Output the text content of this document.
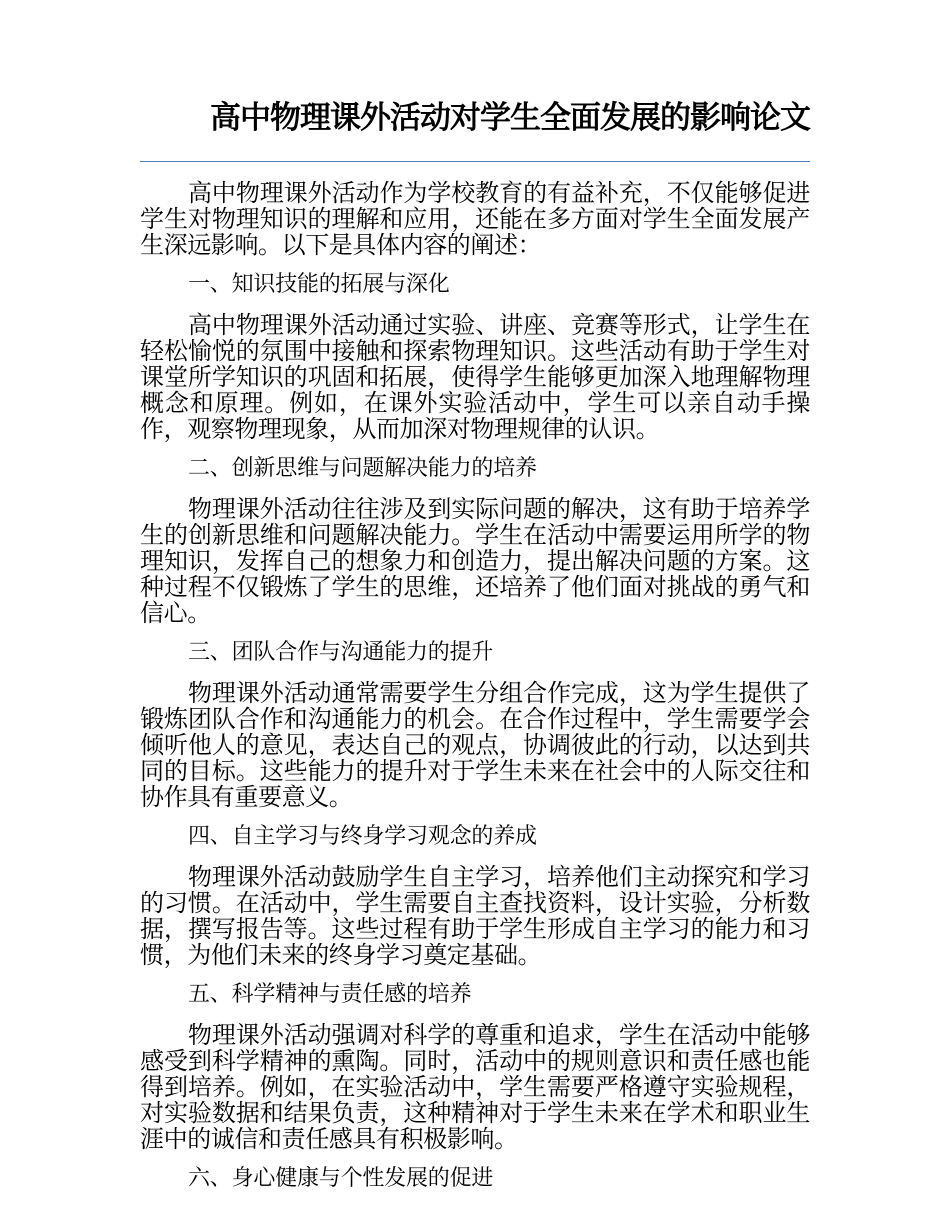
高中物理课外活动对学生全面发展的影响论文

高中物理课外活动作为学校教育的有益补充，不仅能够促进学生对物理知识的理解和应用，还能在多方面对学生全面发展产生深远影响。以下是具体内容的阐述：

一、知识技能的拓展与深化

高中物理课外活动通过实验、讲座、竞赛等形式，让学生在轻松愉悦的氛围中接触和探索物理知识。这些活动有助于学生对课堂所学知识的巩固和拓展，使得学生能够更加深入地理解物理概念和原理。例如，在课外实验活动中，学生可以亲自动手操作，观察物理现象，从而加深对物理规律的认识。

二、创新思维与问题解决能力的培养

物理课外活动往往涉及到实际问题的解决，这有助于培养学生的创新思维和问题解决能力。学生在活动中需要运用所学的物理知识，发挥自己的想象力和创造力，提出解决问题的方案。这种过程不仅锻炼了学生的思维，还培养了他们面对挑战的勇气和信心。

三、团队合作与沟通能力的提升

物理课外活动通常需要学生分组合作完成，这为学生提供了锻炼团队合作和沟通能力的机会。在合作过程中，学生需要学会倾听他人的意见，表达自己的观点，协调彼此的行动，以达到共同的目标。这些能力的提升对于学生未来在社会中的人际交往和协作具有重要意义。

四、自主学习与终身学习观念的养成

物理课外活动鼓励学生自主学习，培养他们主动探究和学习的习惯。在活动中，学生需要自主查找资料，设计实验，分析数据，撰写报告等。这些过程有助于学生形成自主学习的能力和习惯，为他们未来的终身学习奠定基础。

五、科学精神与责任感的培养

物理课外活动强调对科学的尊重和追求，学生在活动中能够感受到科学精神的熏陶。同时，活动中的规则意识和责任感也能得到培养。例如，在实验活动中，学生需要严格遵守实验规程，对实验数据和结果负责，这种精神对于学生未来在学术和职业生涯中的诚信和责任感具有积极影响。

六、身心健康与个性发展的促进
